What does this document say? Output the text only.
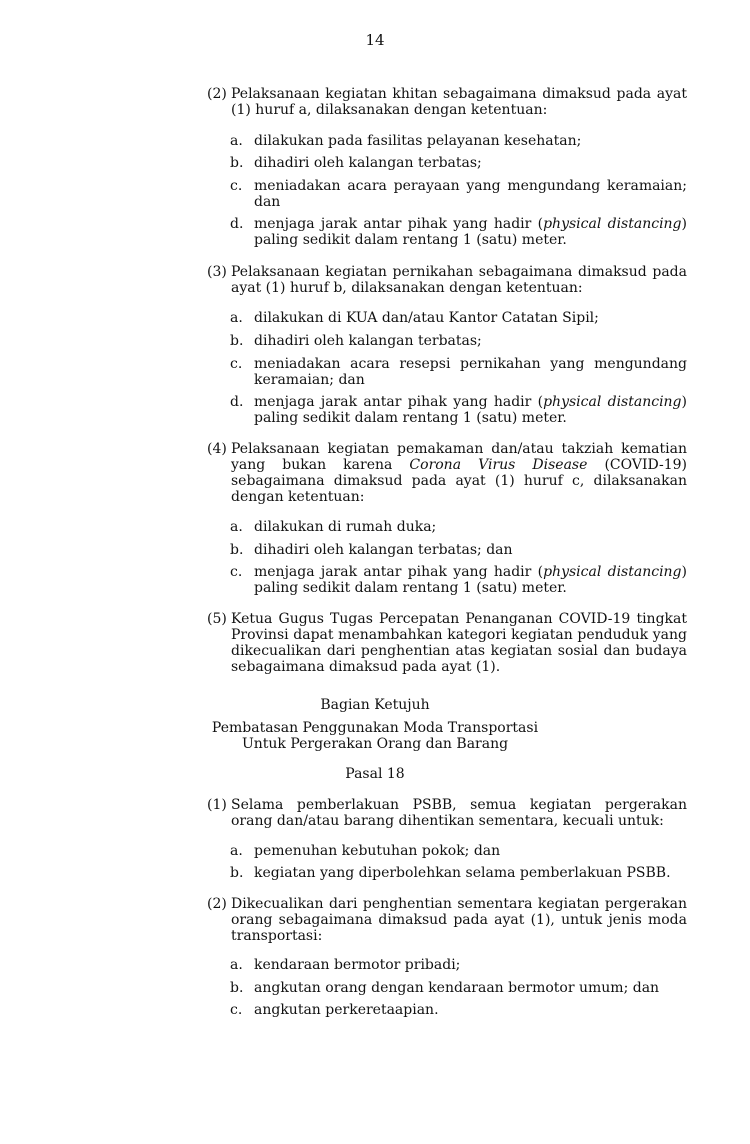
14
(2) Pelaksanaan kegiatan khitan sebagaimana dimaksud pada ayat (1) huruf a, dilaksanakan dengan ketentuan:
a. dilakukan pada fasilitas pelayanan kesehatan;
b. dihadiri oleh kalangan terbatas;
c. meniadakan acara perayaan yang mengundang keramaian; dan
d. menjaga jarak antar pihak yang hadir (physical distancing) paling sedikit dalam rentang 1 (satu) meter.
(3) Pelaksanaan kegiatan pernikahan sebagaimana dimaksud pada ayat (1) huruf b, dilaksanakan dengan ketentuan:
a. dilakukan di KUA dan/atau Kantor Catatan Sipil;
b. dihadiri oleh kalangan terbatas;
c. meniadakan acara resepsi pernikahan yang mengundang keramaian; dan
d. menjaga jarak antar pihak yang hadir (physical distancing) paling sedikit dalam rentang 1 (satu) meter.
(4) Pelaksanaan kegiatan pemakaman dan/atau takziah kematian yang bukan karena Corona Virus Disease (COVID-19) sebagaimana dimaksud pada ayat (1) huruf c, dilaksanakan dengan ketentuan:
a. dilakukan di rumah duka;
b. dihadiri oleh kalangan terbatas; dan
c. menjaga jarak antar pihak yang hadir (physical distancing) paling sedikit dalam rentang 1 (satu) meter.
(5) Ketua Gugus Tugas Percepatan Penanganan COVID-19 tingkat Provinsi dapat menambahkan kategori kegiatan penduduk yang dikecualikan dari penghentian atas kegiatan sosial dan budaya sebagaimana dimaksud pada ayat (1).
Bagian Ketujuh
Pembatasan Penggunakan Moda Transportasi
Untuk Pergerakan Orang dan Barang
Pasal 18
(1) Selama pemberlakuan PSBB, semua kegiatan pergerakan orang dan/atau barang dihentikan sementara, kecuali untuk:
a. pemenuhan kebutuhan pokok; dan
b. kegiatan yang diperbolehkan selama pemberlakuan PSBB.
(2) Dikecualikan dari penghentian sementara kegiatan pergerakan orang sebagaimana dimaksud pada ayat (1), untuk jenis moda transportasi:
a. kendaraan bermotor pribadi;
b. angkutan orang dengan kendaraan bermotor umum; dan
c. angkutan perkeretaapian.
